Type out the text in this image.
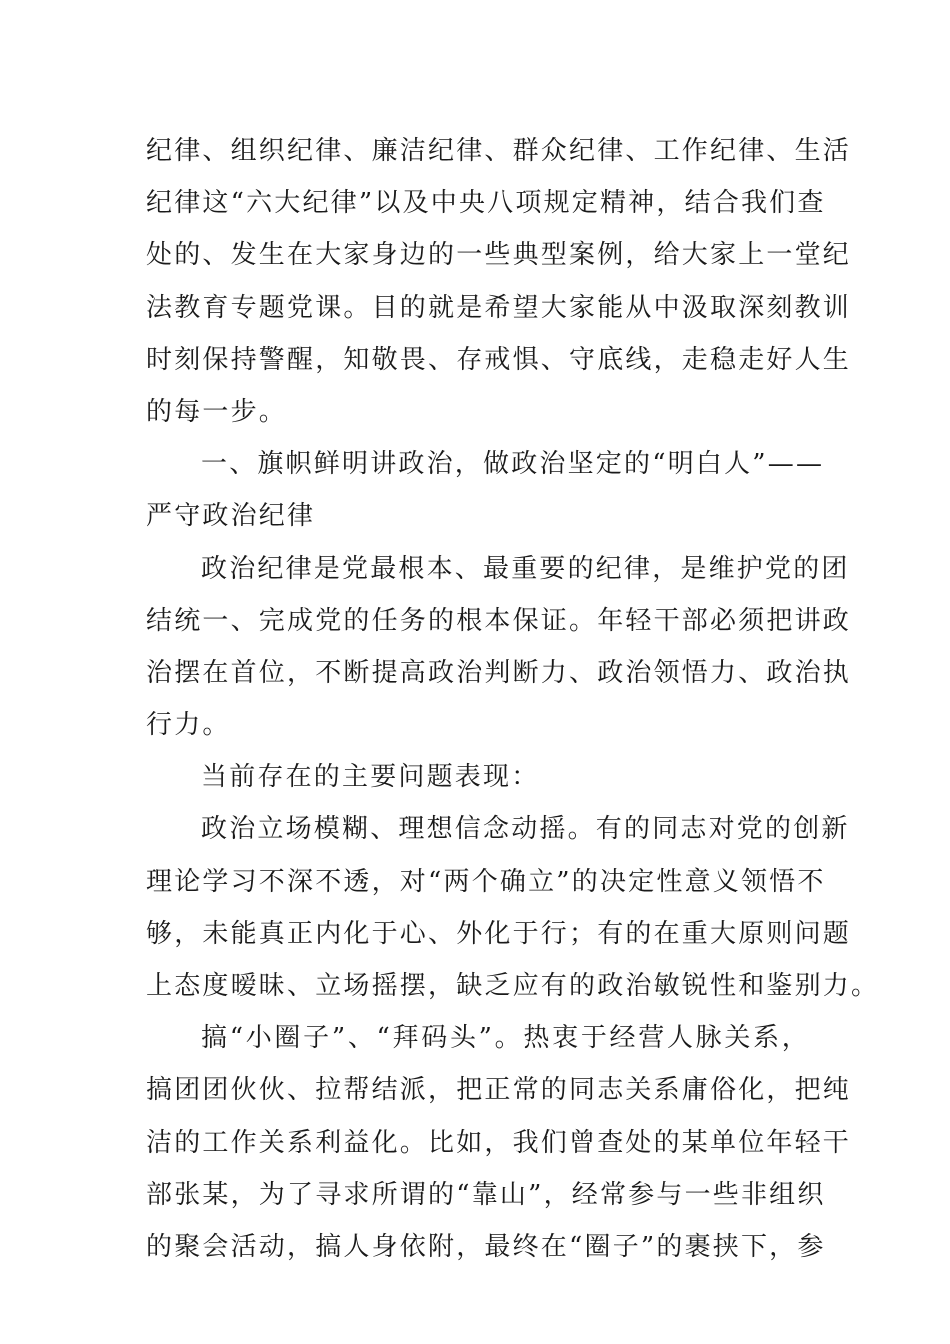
纪律、组织纪律、廉洁纪律、群众纪律、工作纪律、生活
纪律这“六大纪律”以及中央八项规定精神，结合我们查
处的、发生在大家身边的一些典型案例，给大家上一堂纪
法教育专题党课。目的就是希望大家能从中汲取深刻教训
时刻保持警醒，知敬畏、存戒惧、守底线，走稳走好人生
的每一步。
一、旗帜鲜明讲政治，做政治坚定的“明白人”——
严守政治纪律
政治纪律是党最根本、最重要的纪律，是维护党的团
结统一、完成党的任务的根本保证。年轻干部必须把讲政
治摆在首位，不断提高政治判断力、政治领悟力、政治执
行力。
当前存在的主要问题表现：
政治立场模糊、理想信念动摇。有的同志对党的创新
理论学习不深不透，对“两个确立”的决定性意义领悟不
够，未能真正内化于心、外化于行；有的在重大原则问题
上态度暧昧、立场摇摆，缺乏应有的政治敏锐性和鉴别力。
搞“小圈子”、“拜码头”。热衷于经营人脉关系，
搞团团伙伙、拉帮结派，把正常的同志关系庸俗化，把纯
洁的工作关系利益化。比如，我们曾查处的某单位年轻干
部张某，为了寻求所谓的“靠山”，经常参与一些非组织
的聚会活动，搞人身依附，最终在“圈子”的裹挟下，参
